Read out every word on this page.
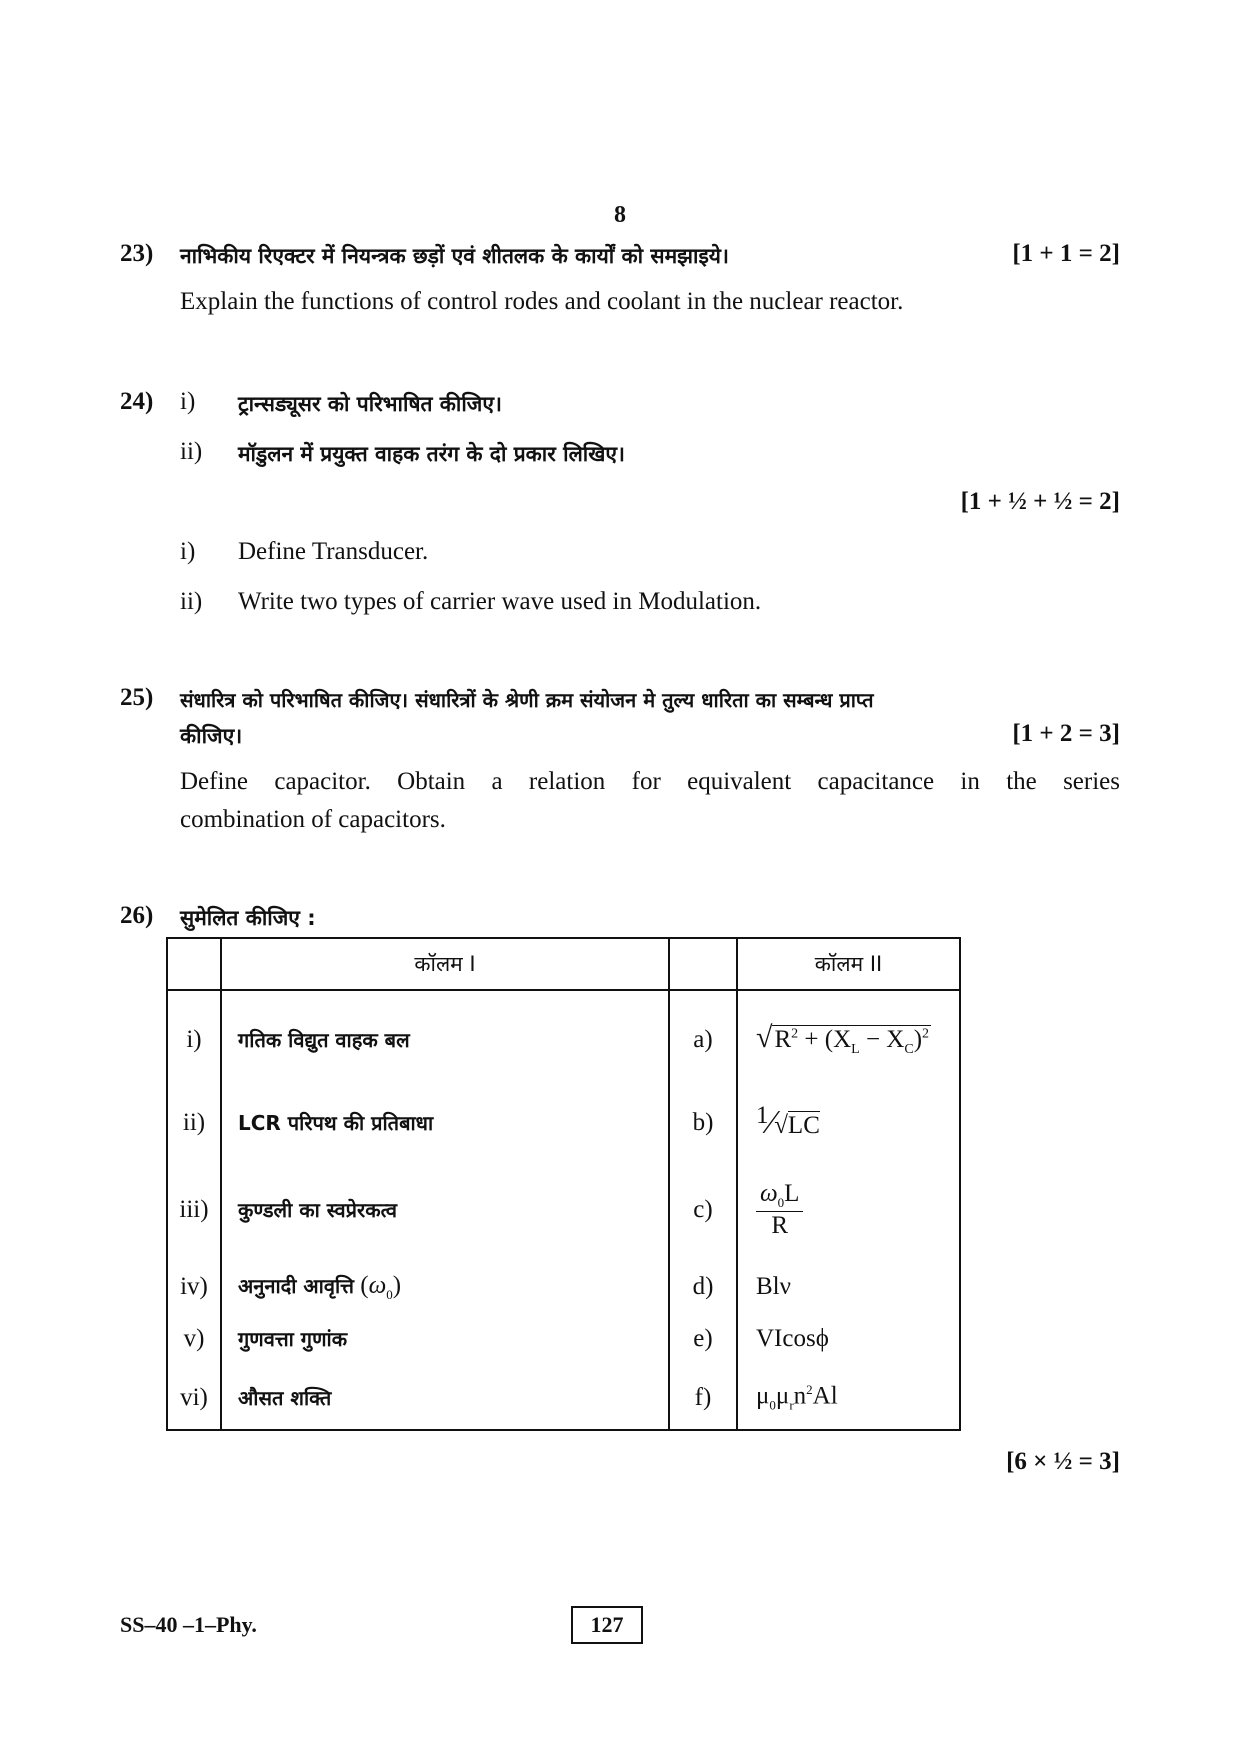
8
23) नाभिकीय रिएक्टर में नियन्त्रक छड़ों एवं शीतलक के कार्यों को समझाइये।	[1 + 1 = 2]
Explain the functions of control rodes and coolant in the nuclear reactor.
24) i) ट्रान्सड्यूसर को परिभाषित कीजिए।
ii) मॉडुलन में प्रयुक्त वाहक तरंग के दो प्रकार लिखिए।
[1 + ½ + ½ = 2]
i) Define Transducer.
ii) Write two types of carrier wave used in Modulation.
25) संधारित्र को परिभाषित कीजिए। संधारित्रों के श्रेणी क्रम संयोजन मे तुल्य धारिता का सम्बन्ध प्राप्त
कीजिए।	[1 + 2 = 3]
Define capacitor. Obtain a relation for equivalent capacitance in the series
combination of capacitors.
26) सुमेलित कीजिए :
	कॉलम I		कॉलम II
i)	गतिक विद्युत वाहक बल	a)	$√R^2 + (X_L - X_C)^2$
ii)	LCR परिपथ की प्रतिबाधा	b)	1⁄√LC
iii)	कुण्डली का स्वप्रेरकत्व	c)	$\frac{\omega_0L}{R}$

iv)	अनुनादी आवृत्ति $(\omega_0)$	d)	Blν
v)	गुणवत्ता गुणांक	e)	VIcosϕ
vi)	औसत शक्ति	f)	$\mu_0\mu_rn^2Al$
[6 × ½ = 3]
SS–40 –1–Phy.	127
